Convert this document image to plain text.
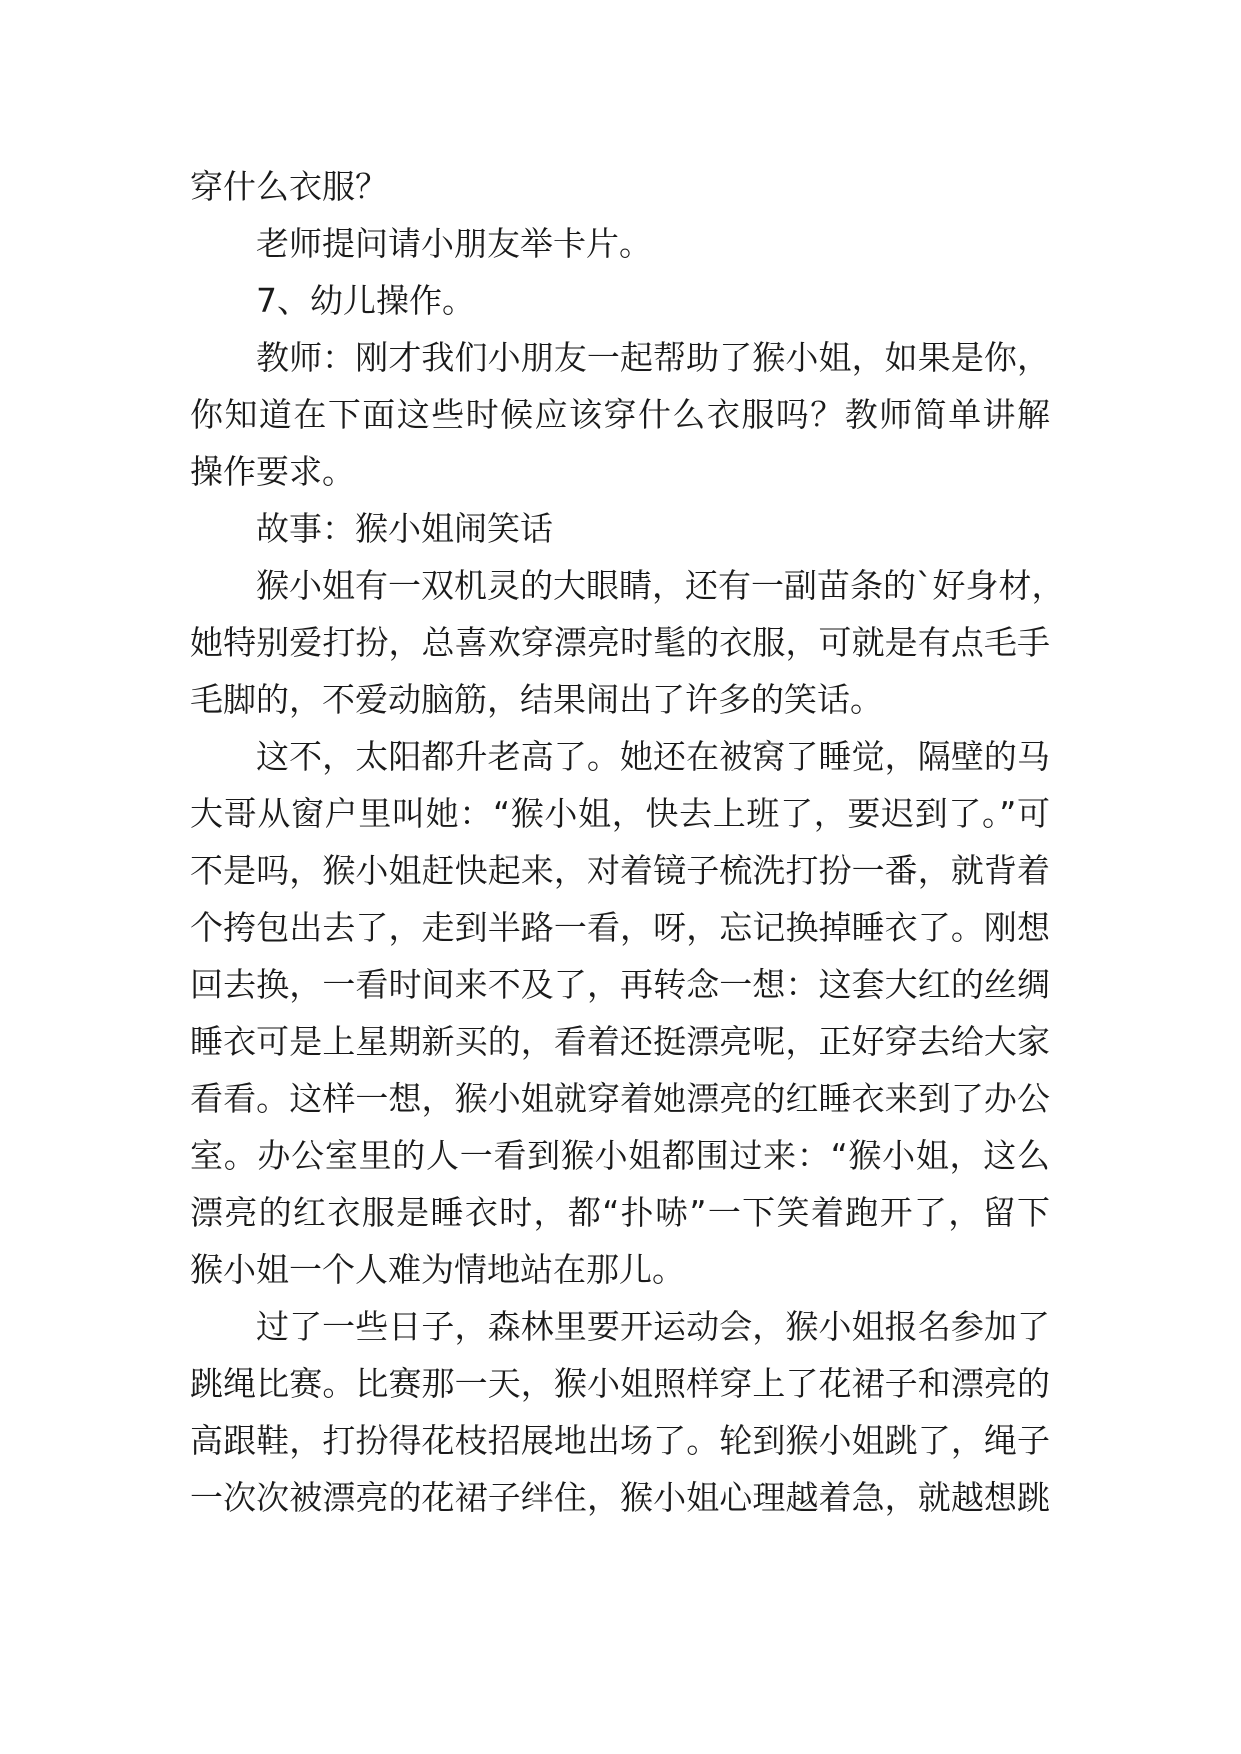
穿什么衣服？
老师提问请小朋友举卡片。
7、幼儿操作。
教师：刚才我们小朋友一起帮助了猴小姐，如果是你，
你知道在下面这些时候应该穿什么衣服吗？教师简单讲解
操作要求。
故事：猴小姐闹笑话
猴小姐有一双机灵的大眼睛，还有一副苗条的`好身材，
她特别爱打扮，总喜欢穿漂亮时髦的衣服，可就是有点毛手
毛脚的，不爱动脑筋，结果闹出了许多的笑话。
这不，太阳都升老高了。她还在被窝了睡觉，隔壁的马
大哥从窗户里叫她：“猴小姐，快去上班了，要迟到了。”可
不是吗，猴小姐赶快起来，对着镜子梳洗打扮一番，就背着
个挎包出去了，走到半路一看，呀，忘记换掉睡衣了。刚想
回去换，一看时间来不及了，再转念一想：这套大红的丝绸
睡衣可是上星期新买的，看着还挺漂亮呢，正好穿去给大家
看看。这样一想，猴小姐就穿着她漂亮的红睡衣来到了办公
室。办公室里的人一看到猴小姐都围过来：“猴小姐，这么
漂亮的红衣服是睡衣时，都“扑哧”一下笑着跑开了，留下
猴小姐一个人难为情地站在那儿。
过了一些日子，森林里要开运动会，猴小姐报名参加了
跳绳比赛。比赛那一天，猴小姐照样穿上了花裙子和漂亮的
高跟鞋，打扮得花枝招展地出场了。轮到猴小姐跳了，绳子
一次次被漂亮的花裙子绊住，猴小姐心理越着急，就越想跳
